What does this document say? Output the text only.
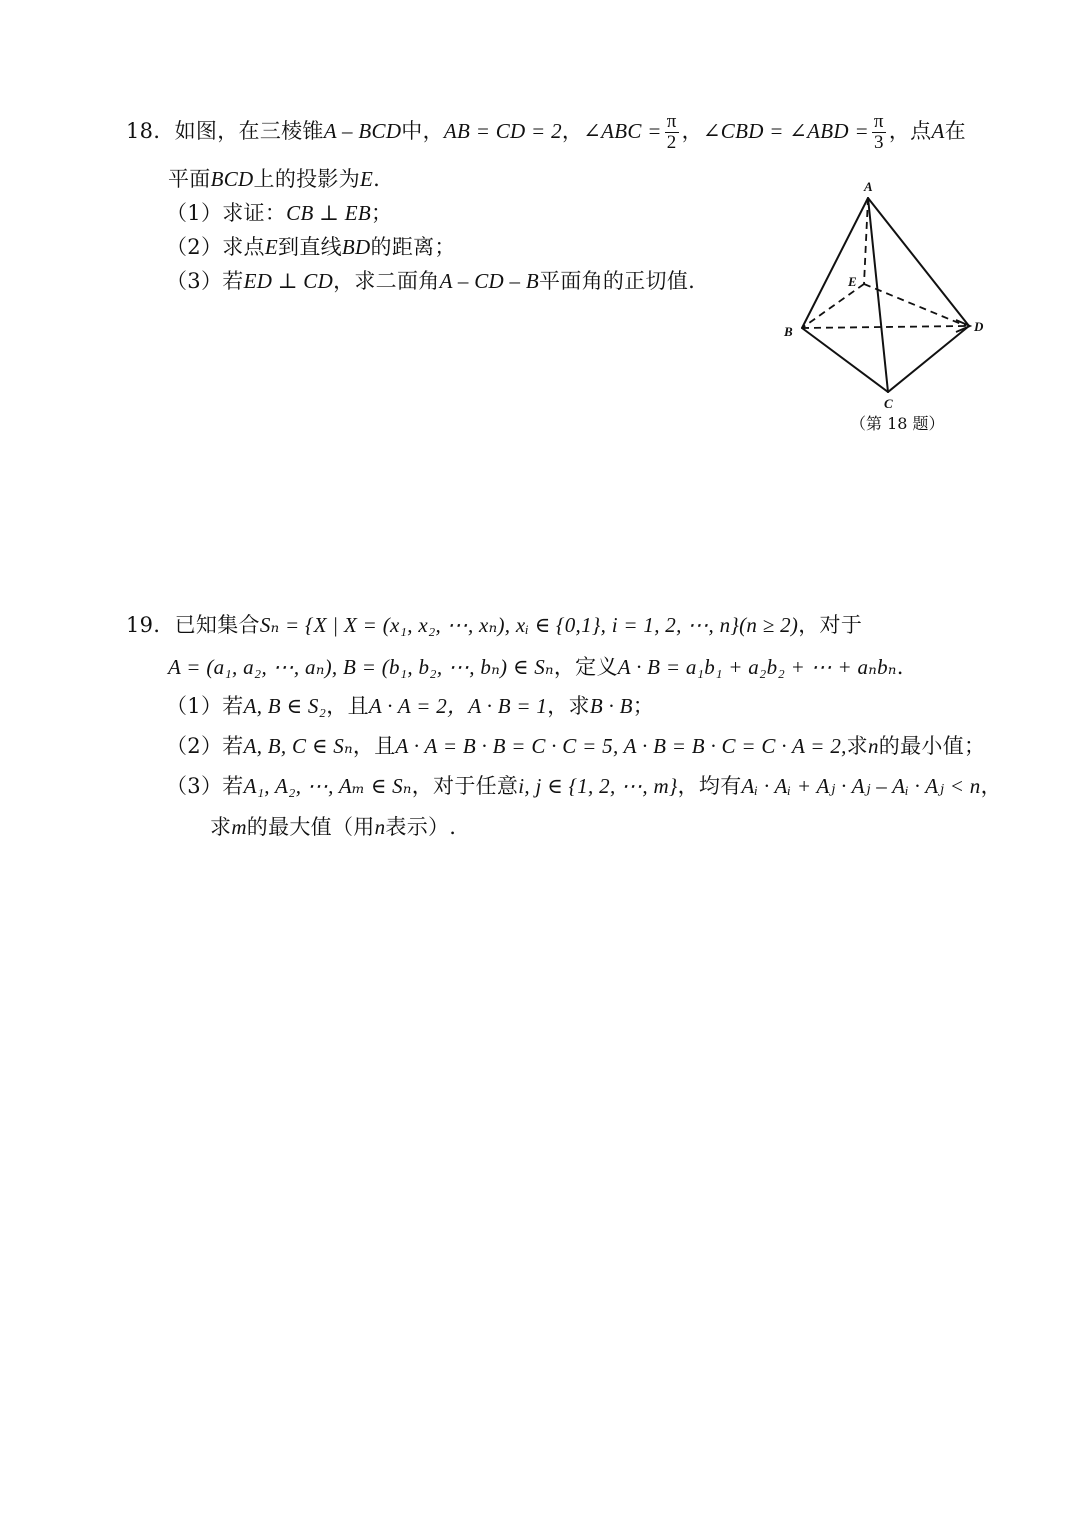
18．如图，在三棱锥A – BCD中，AB = CD = 2，∠ABC = $\frac{\pi}{2}$ ，∠CBD = ∠ABD = $\frac{\pi}{3}$ ，点A在
平面BCD上的投影为E.
（1）求证：CB ⊥ EB；
（2）求点E到直线BD的距离；
（3）若ED ⊥ CD，求二面角A – CD – B平面角的正切值.
A
B
C
D
E
（第 18 题）
19．已知集合Sₙ = {X | X = (x₁, x₂, ⋯, xₙ), xᵢ ∈ {0,1}, i = 1, 2, ⋯, n}(n ≥ 2)，对于
A = (a₁, a₂, ⋯, aₙ), B = (b₁, b₂, ⋯, bₙ) ∈ Sₙ，定义A · B = a₁b₁ + a₂b₂ + ⋯ + aₙbₙ.
（1）若A, B ∈ S₂，且A · A = 2，A · B = 1，求B · B；
（2）若A, B, C ∈ Sₙ，且A · A = B · B = C · C = 5, A · B = B · C = C · A = 2,求n的最小值；
（3）若A₁, A₂, ⋯, Aₘ ∈ Sₙ，对于任意i, j ∈ {1, 2, ⋯, m}，均有Aᵢ · Aᵢ + Aⱼ · Aⱼ – Aᵢ · Aⱼ < n，
求m的最大值（用n表示）.
